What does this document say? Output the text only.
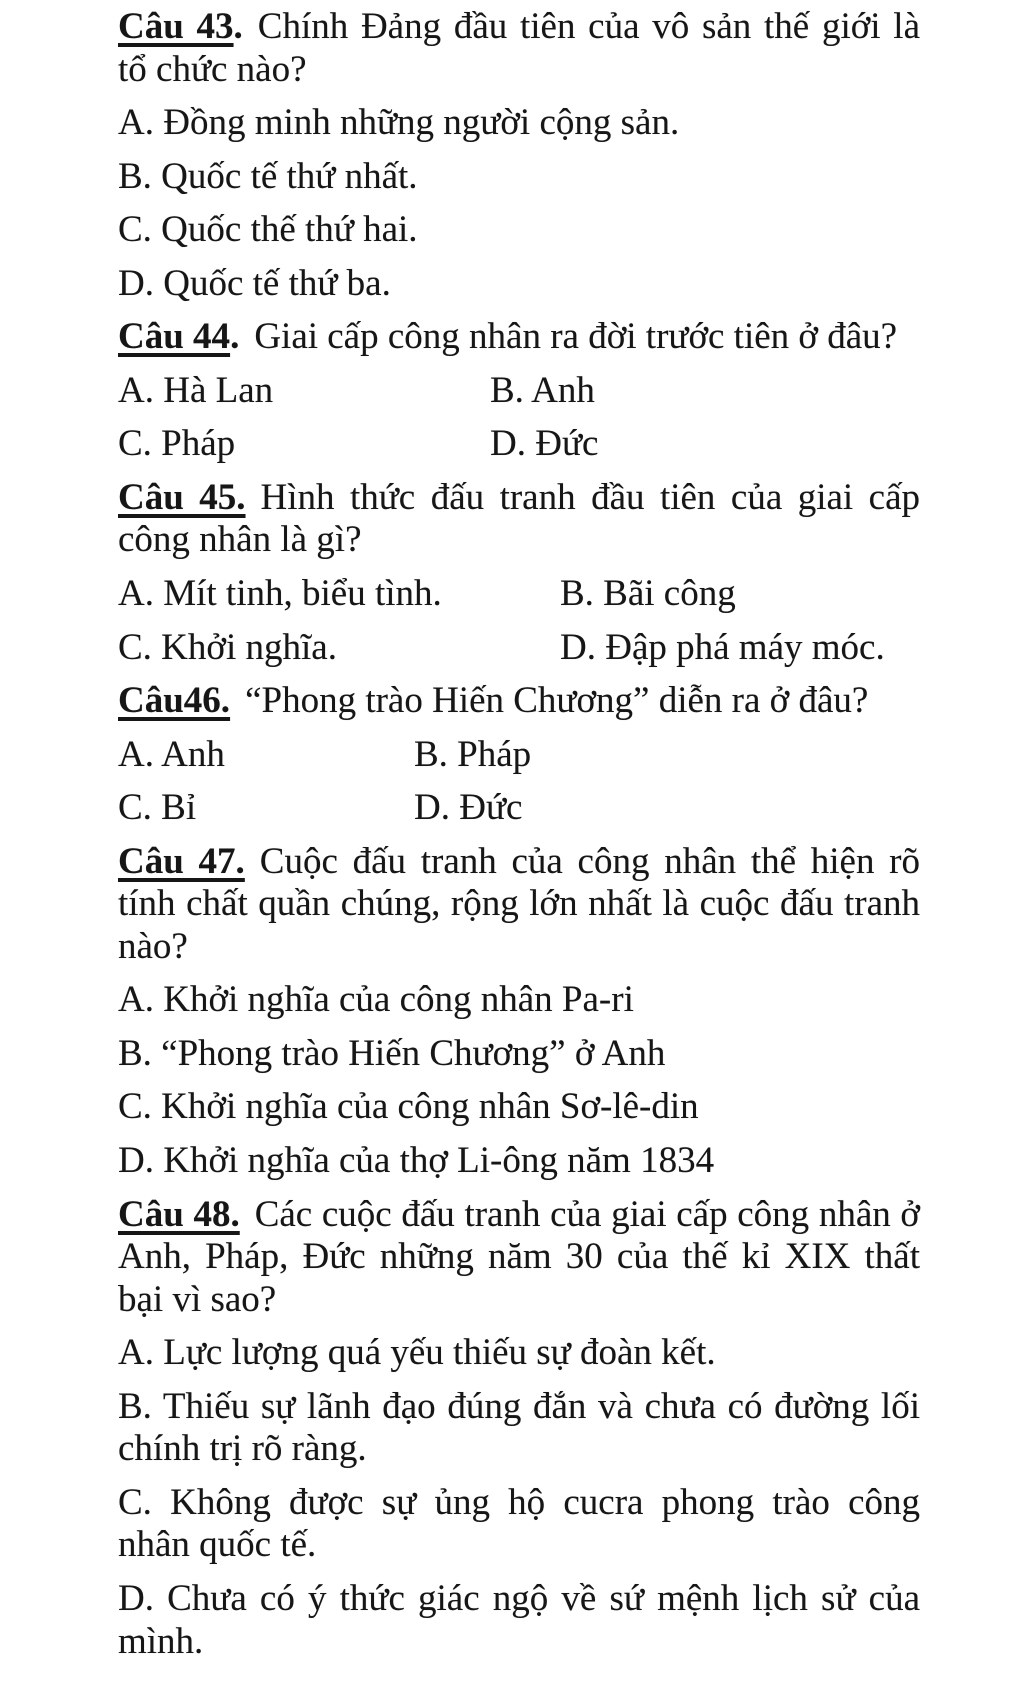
Câu 43. Chính Đảng đầu tiên của vô sản thế giới là tổ chức nào?

A. Đồng minh những người cộng sản.

B. Quốc tế thứ nhất.

C. Quốc thế thứ hai.

D. Quốc tế thứ ba.

Câu 44. Giai cấp công nhân ra đời trước tiên ở đâu?

A. Hà Lan	B. Anh
C. Pháp	D. Đức

Câu 45. Hình thức đấu tranh đầu tiên của giai cấp công nhân là gì?

A. Mít tinh, biểu tình.	B. Bãi công
C. Khởi nghĩa.	D. Đập phá máy móc.

Câu46. “Phong trào Hiến Chương” diễn ra ở đâu?

A. Anh	B. Pháp
C. Bỉ	D. Đức

Câu 47. Cuộc đấu tranh của công nhân thể hiện rõ tính chất quần chúng, rộng lớn nhất là cuộc đấu tranh nào?

A. Khởi nghĩa của công nhân Pa-ri

B. “Phong trào Hiến Chương” ở Anh

C. Khởi nghĩa của công nhân Sơ-lê-din

D. Khởi nghĩa của thợ Li-ông năm 1834

Câu 48. Các cuộc đấu tranh của giai cấp công nhân ở Anh, Pháp, Đức những năm 30 của thế kỉ XIX thất bại vì sao?

A. Lực lượng quá yếu thiếu sự đoàn kết.

B. Thiếu sự lãnh đạo đúng đắn và chưa có đường lối chính trị rõ ràng.

C. Không được sự ủng hộ cucra phong trào công nhân quốc tế.

D. Chưa có ý thức giác ngộ về sứ mệnh lịch sử của mình.
